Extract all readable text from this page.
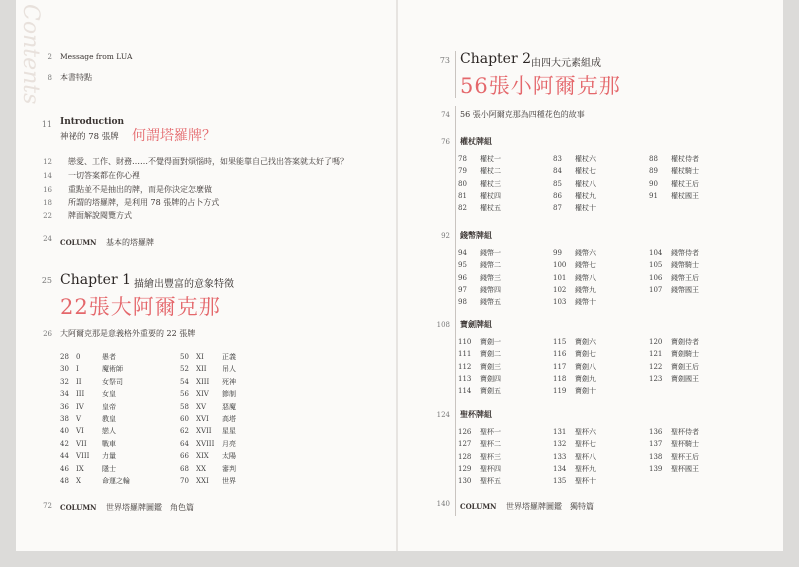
Contents 2 Message from LUA
8 本書特點
11 Introduction
神祕的 78 張牌 何謂塔羅牌？
12 戀愛、工作、財務……不覺得面對煩惱時，如果能靠自己找出答案就太好了嗎？
14 一切答案都在你心裡
16 重點並不是抽出的牌，而是你決定怎麼做
18 所謂的塔羅牌，是利用 78 張牌的占卜方式
22 牌面解說閱覽方式
24 COLUMN 基本的塔羅牌
25 Chapter 1 描繪出豐富的意象特徵
22張大阿爾克那
26 大阿爾克那是意義格外重要的 22 張牌
28	0	愚者
30	I	魔術師
32	II	女祭司
34	III	女皇
36	IV	皇帝
38	V	教皇
40	VI	戀人
42	VII	戰車
44	VIII	力量
46	IX	隱士
48	X	命運之輪
50	XI	正義
52	XII	吊人
54	XIII	死神
56	XIV	節制
58	XV	惡魔
60	XVI	高塔
62	XVII	星星
64	XVIII	月亮
66	XIX	太陽
68	XX	審判
70	XXI	世界
72 COLUMN 世界塔羅牌圖鑑　角色篇
73 Chapter 2 由四大元素組成
56張小阿爾克那
74 56 張小阿爾克那為四種花色的故事
76 權杖牌組
78	權杖一
79	權杖二
80	權杖三
81	權杖四
82	權杖五
83	權杖六
84	權杖七
85	權杖八
86	權杖九
87	權杖十
88	權杖侍者
89	權杖騎士
90	權杖王后
91	權杖國王
92 錢幣牌組
94	錢幣一
95	錢幣二
96	錢幣三
97	錢幣四
98	錢幣五
99	錢幣六
100	錢幣七
101	錢幣八
102	錢幣九
103	錢幣十
104	錢幣侍者
105	錢幣騎士
106	錢幣王后
107	錢幣國王
108 寶劍牌組
110	寶劍一
111	寶劍二
112	寶劍三
113	寶劍四
114	寶劍五
115	寶劍六
116	寶劍七
117	寶劍八
118	寶劍九
119	寶劍十
120	寶劍侍者
121	寶劍騎士
122	寶劍王后
123	寶劍國王
124 聖杯牌組
126	聖杯一
127	聖杯二
128	聖杯三
129	聖杯四
130	聖杯五
131	聖杯六
132	聖杯七
133	聖杯八
134	聖杯九
135	聖杯十
136	聖杯侍者
137	聖杯騎士
138	聖杯王后
139	聖杯國王
140 COLUMN 世界塔羅牌圖鑑　獨特篇
